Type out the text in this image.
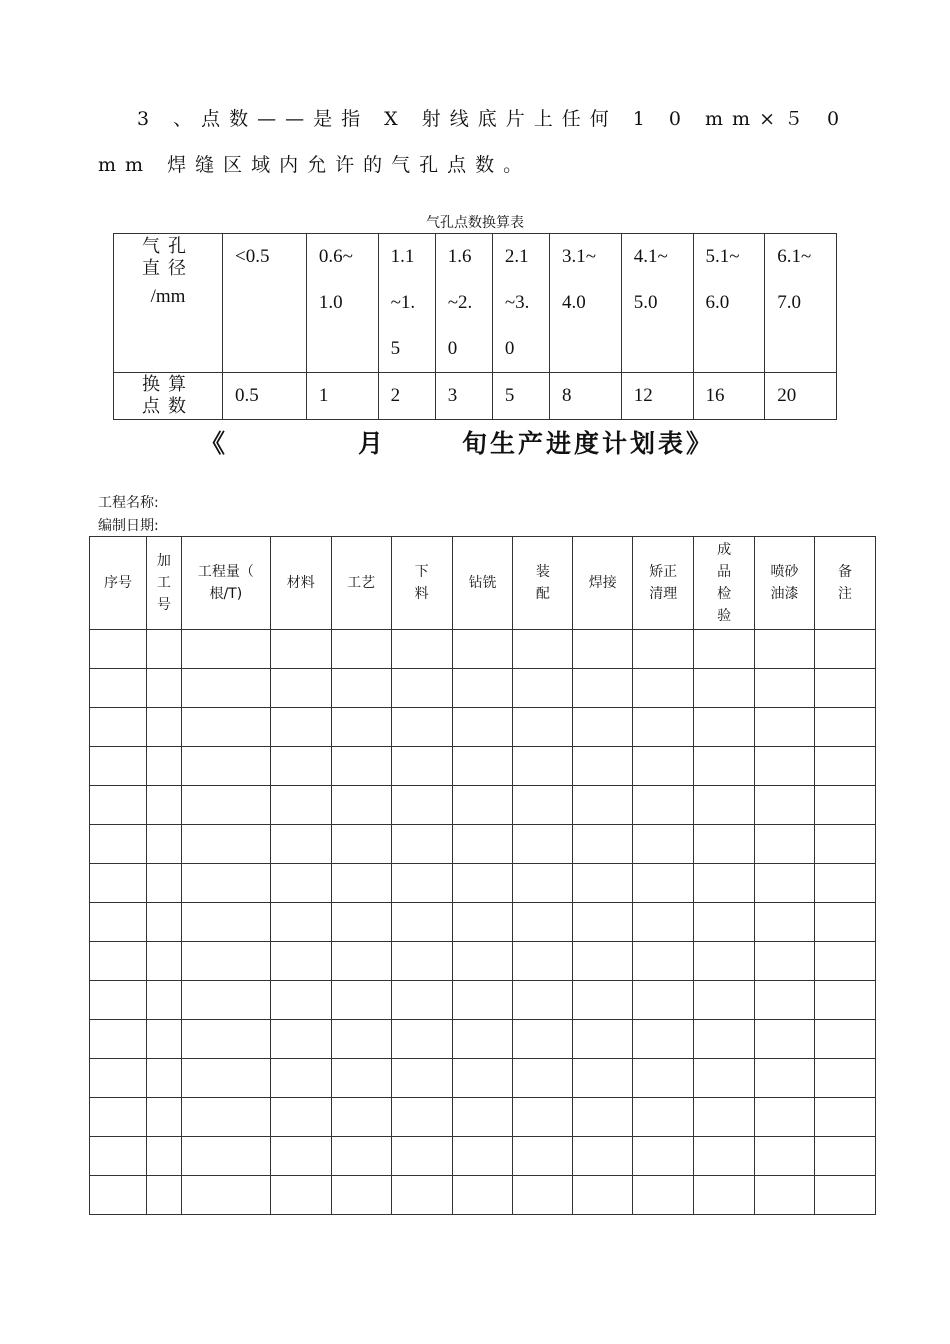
3 、点数——是指 X 射线底片上任何 1 0 mm×５ 0
mm 焊缝区域内允许的气孔点数。
气孔点数换算表
气孔直径
/mm	<0.5	0.6~1.0	1.1~1.5	1.6~2.0	2.1~3.0	3.1~4.0	4.1~5.0	5.1~6.0	6.1~7.0
换算点数	0.5	1	2	3	5	8	12	16	20
《	月	旬生产进度计划表》
工程名称:
编制日期:
序号	加工号	工程量（ 根/T)	材料	工艺	下料	钻铣	装配	焊接	矫正清理	成品检验	喷砂油漆	备注
